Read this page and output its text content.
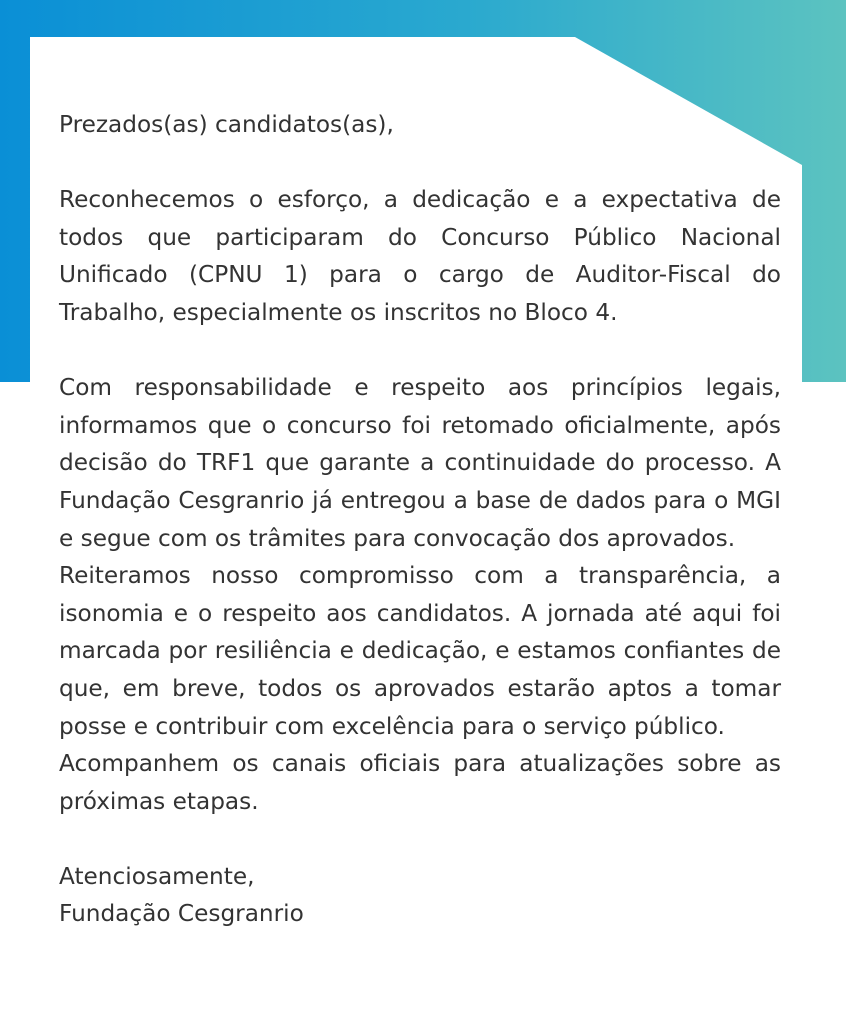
Prezados(as) candidatos(as),

Reconhecemos o esforço, a dedicação e a expectativa de todos que participaram do Concurso Público Nacional Unificado (CPNU 1) para o cargo de Auditor-Fiscal do Trabalho, especialmente os inscritos no Bloco 4.

Com responsabilidade e respeito aos princípios legais, informamos que o concurso foi retomado oficialmente, após decisão do TRF1 que garante a continuidade do processo. A Fundação Cesgranrio já entregou a base de dados para o MGI e segue com os trâmites para convocação dos aprovados.

Reiteramos nosso compromisso com a transparência, a isonomia e o respeito aos candidatos. A jornada até aqui foi marcada por resiliência e dedicação, e estamos confiantes de que, em breve, todos os aprovados estarão aptos a tomar posse e contribuir com excelência para o serviço público.

Acompanhem os canais oficiais para atualizações sobre as próximas etapas.

Atenciosamente,

Fundação Cesgranrio
